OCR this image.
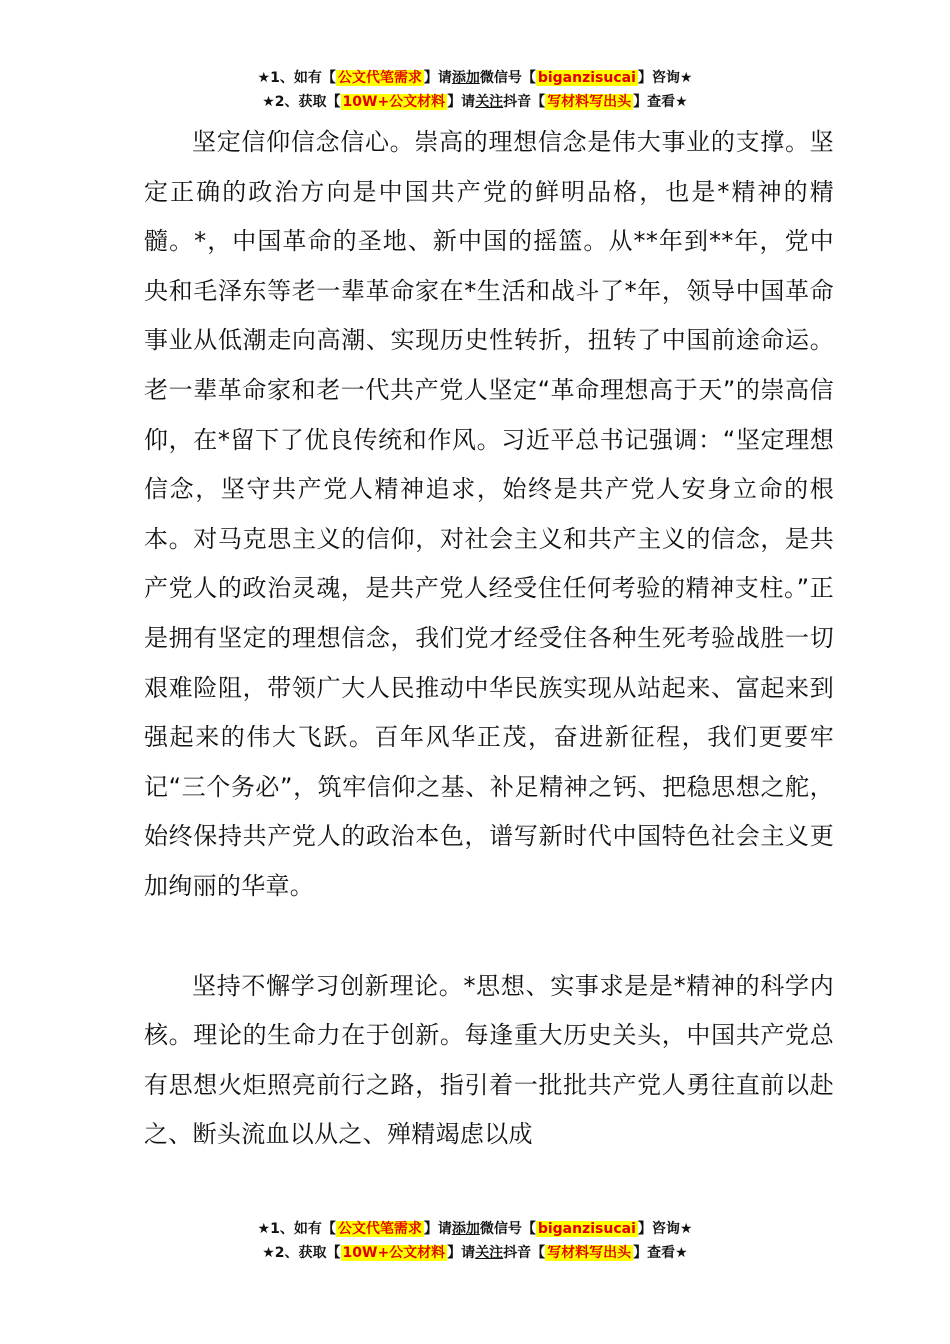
★1、如有【 公文代笔需求 】请添加微信号【 biganzisucai 】咨询★
★2、获取【 10W+公文材料 】请关注抖音【 写材料写出头 】查看★

坚定信仰信念信心。崇高的理想信念是伟大事业的支撑。坚定正确的政治方向是中国共产党的鲜明品格，也是*精神的精髓。*，中国革命的圣地、新中国的摇篮。从**年到**年，党中央和毛泽东等老一辈革命家在*生活和战斗了*年，领导中国革命事业从低潮走向高潮、实现历史性转折，扭转了中国前途命运。老一辈革命家和老一代共产党人坚定“革命理想高于天”的崇高信仰，在*留下了优良传统和作风。习近平总书记强调：“坚定理想信念，坚守共产党人精神追求，始终是共产党人安身立命的根本。对马克思主义的信仰，对社会主义和共产主义的信念，是共产党人的政治灵魂，是共产党人经受住任何考验的精神支柱。”正是拥有坚定的理想信念，我们党才经受住各种生死考验战胜一切艰难险阻，带领广大人民推动中华民族实现从站起来、富起来到强起来的伟大飞跃。百年风华正茂，奋进新征程，我们更要牢记“三个务必”，筑牢信仰之基、补足精神之钙、把稳思想之舵，始终保持共产党人的政治本色，谱写新时代中国特色社会主义更加绚丽的华章。

坚持不懈学习创新理论。*思想、实事求是是*精神的科学内核。理论的生命力在于创新。每逢重大历史关头，中国共产党总有思想火炬照亮前行之路，指引着一批批共产党人勇往直前以赴之、断头流血以从之、殚精竭虑以成

★1、如有【 公文代笔需求 】请添加微信号【 biganzisucai 】咨询★
★2、获取【 10W+公文材料 】请关注抖音【 写材料写出头 】查看★
